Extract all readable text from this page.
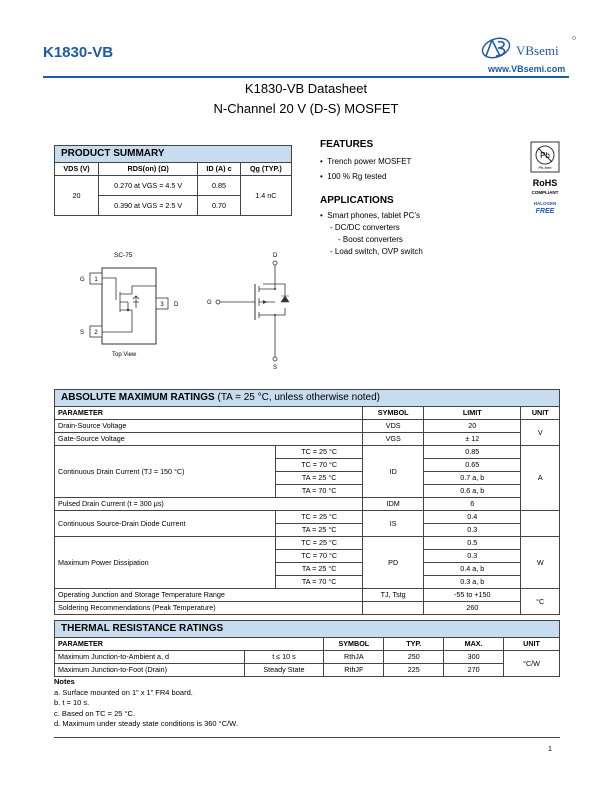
K1830-VB	VBsemi
www.VBsemi.com
K1830-VB Datasheet
N-Channel 20 V (D-S) MOSFET
PRODUCT SUMMARY			
VDS (V)	RDS(on) (Ω)	ID (A) c	Qg (TYP.)
20	0.270 at VGS = 4.5 V	0.85	1.4 nC
	0.390 at VGS = 2.5 V	0.70	
FEATURES
•  Trench power MOSFET
•  100 % Rg tested
APPLICATIONS
•  Smart phones, tablet PC’s
- DC/DC converters
- Boost converters
- Load switch, OVP switch
Pb
Pb-free
RoHS
COMPLIANT
HALOGEN
FREE
SC-75
1
2
3
G
S
D
Top View
D
G
S
ABSOLUTE MAXIMUM RATINGS (TA = 25 °C, unless otherwise noted)				
PARAMETER		SYMBOL	LIMIT	UNIT
Drain-Source Voltage		VDS	20	V
Gate-Source Voltage		VGS	± 12	
Continuous Drain Current (TJ = 150 °C)	TC = 25 °C	ID	0.85	A
	TC = 70 °C		0.65	
	TA = 25 °C		0.7 a, b	
	TA = 70 °C		0.6 a, b	
Pulsed Drain Current (t = 300 μs)		IDM	6	
Continuous Source-Drain Diode Current	TC = 25 °C	IS	0.4	
	TA = 25 °C		0.3	
Maximum Power Dissipation	TC = 25 °C	PD	0.5	W
	TC = 70 °C		0.3	
	TA = 25 °C		0.4 a, b	
	TA = 70 °C		0.3 a, b	
Operating Junction and Storage Temperature Range		TJ, Tstg	-55 to +150	°C
Soldering Recommendations (Peak Temperature)			260	
THERMAL RESISTANCE RATINGS					
PARAMETER		SYMBOL	TYP.	MAX.	UNIT
Maximum Junction-to-Ambient a, d	t ≤ 10 s	RthJA	250	300	°C/W
Maximum Junction-to-Foot (Drain)	Steady State	RthJF	225	270	
Notes
a. Surface mounted on 1” x 1” FR4 board.
b. t = 10 s.
c. Based on TC = 25 °C.
d. Maximum under steady state conditions is 360 °C/W.
1
